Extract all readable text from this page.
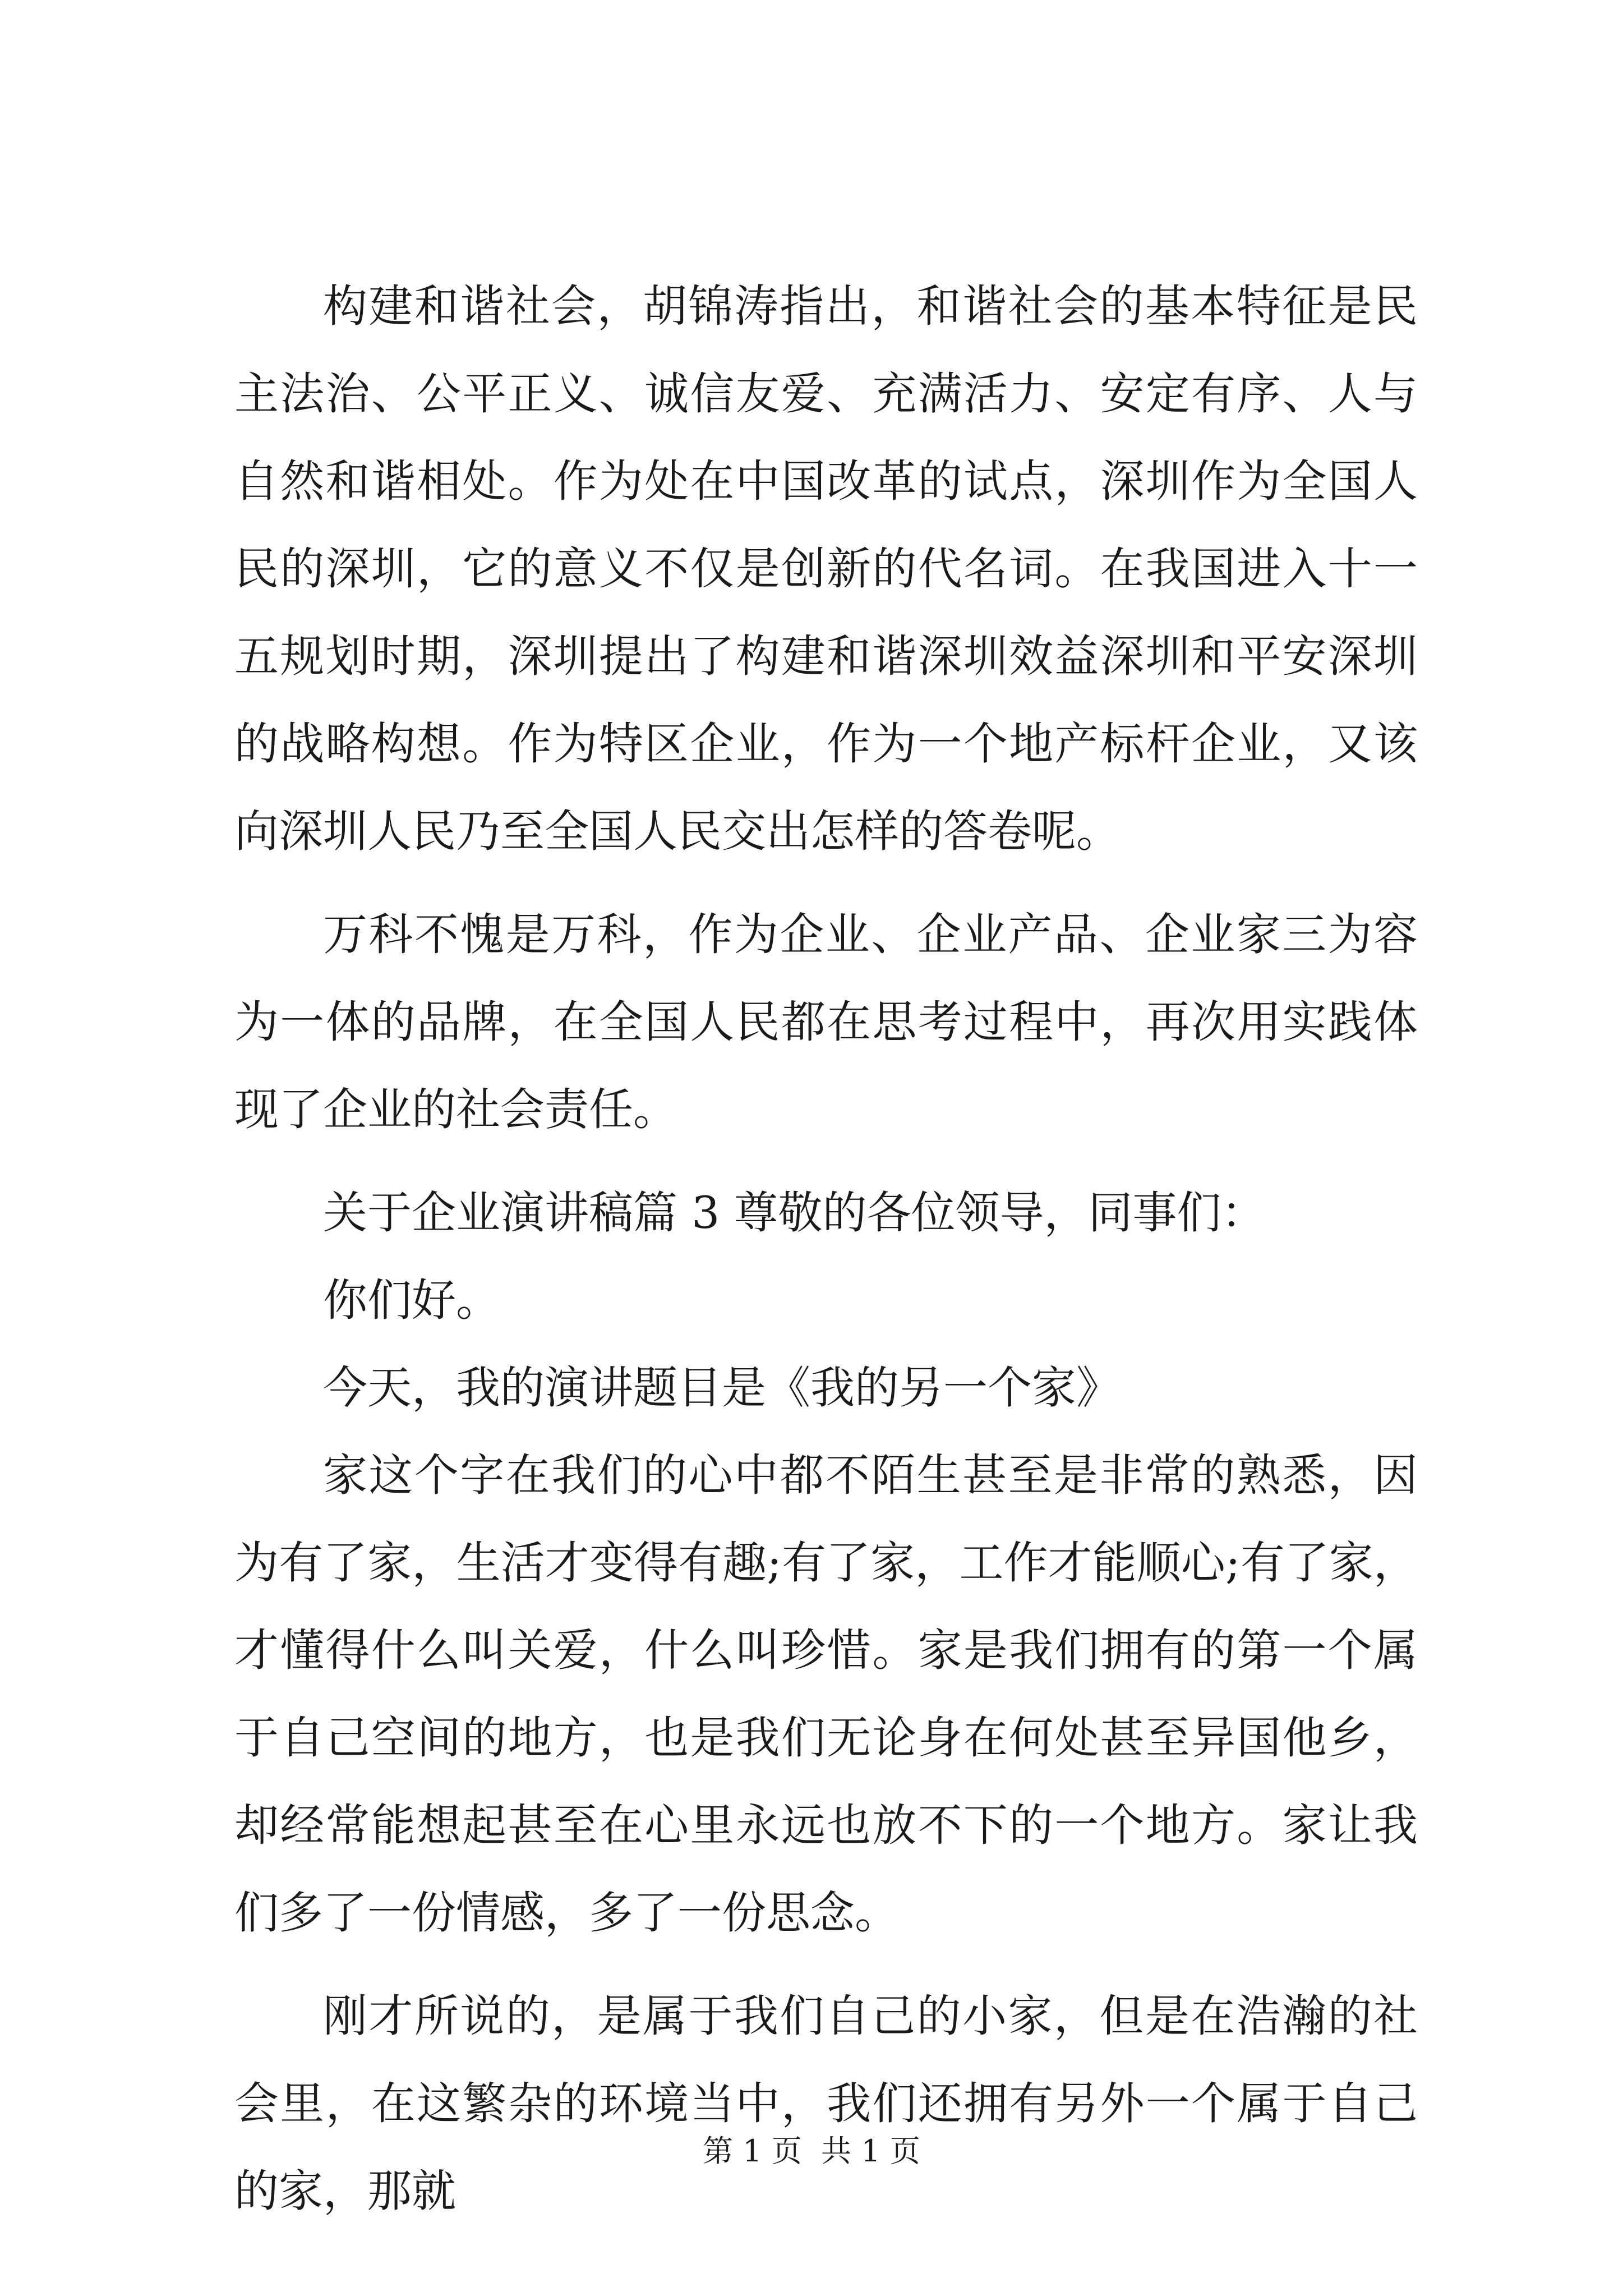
构建和谐社会，胡锦涛指出，和谐社会的基本特征是民主法治、公平正义、诚信友爱、充满活力、安定有序、人与自然和谐相处。作为处在中国改革的试点，深圳作为全国人民的深圳，它的意义不仅是创新的代名词。在我国进入十一五规划时期，深圳提出了构建和谐深圳效益深圳和平安深圳的战略构想。作为特区企业，作为一个地产标杆企业，又该向深圳人民乃至全国人民交出怎样的答卷呢。

万科不愧是万科，作为企业、企业产品、企业家三为容为一体的品牌，在全国人民都在思考过程中，再次用实践体现了企业的社会责任。

关于企业演讲稿篇 3 尊敬的各位领导，同事们：

你们好。

今天，我的演讲题目是《我的另一个家》

家这个字在我们的心中都不陌生甚至是非常的熟悉，因为有了家，生活才变得有趣;有了家，工作才能顺心;有了家，才懂得什么叫关爱，什么叫珍惜。家是我们拥有的第一个属于自己空间的地方，也是我们无论身在何处甚至异国他乡，却经常能想起甚至在心里永远也放不下的一个地方。家让我们多了一份情感，多了一份思念。

刚才所说的，是属于我们自己的小家，但是在浩瀚的社会里，在这繁杂的环境当中，我们还拥有另外一个属于自己的家，那就

第 1 页  共 1 页
